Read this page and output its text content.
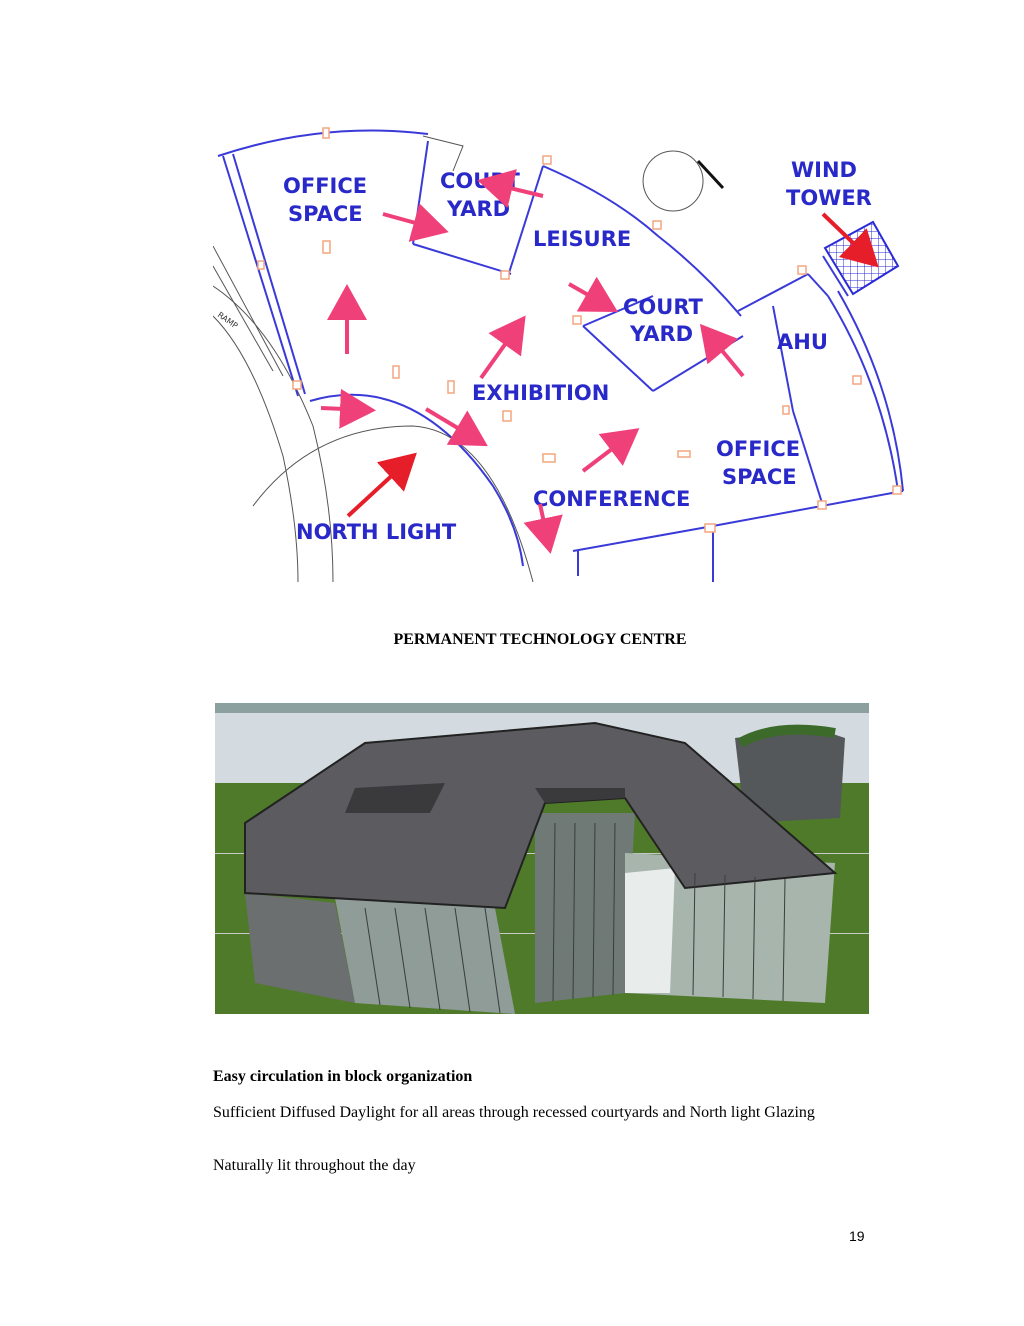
OFFICE
SPACE
COURT
YARD
LEISURE
WIND
TOWER
COURT
YARD	AHU
EXHIBITION
OFFICE
SPACE
CONFERENCE
NORTH LIGHT
RAMP
PERMANENT TECHNOLOGY CENTRE
Easy circulation in block organization
Sufficient Diffused Daylight for all areas through recessed courtyards and North light Glazing
Naturally lit throughout the day
19
